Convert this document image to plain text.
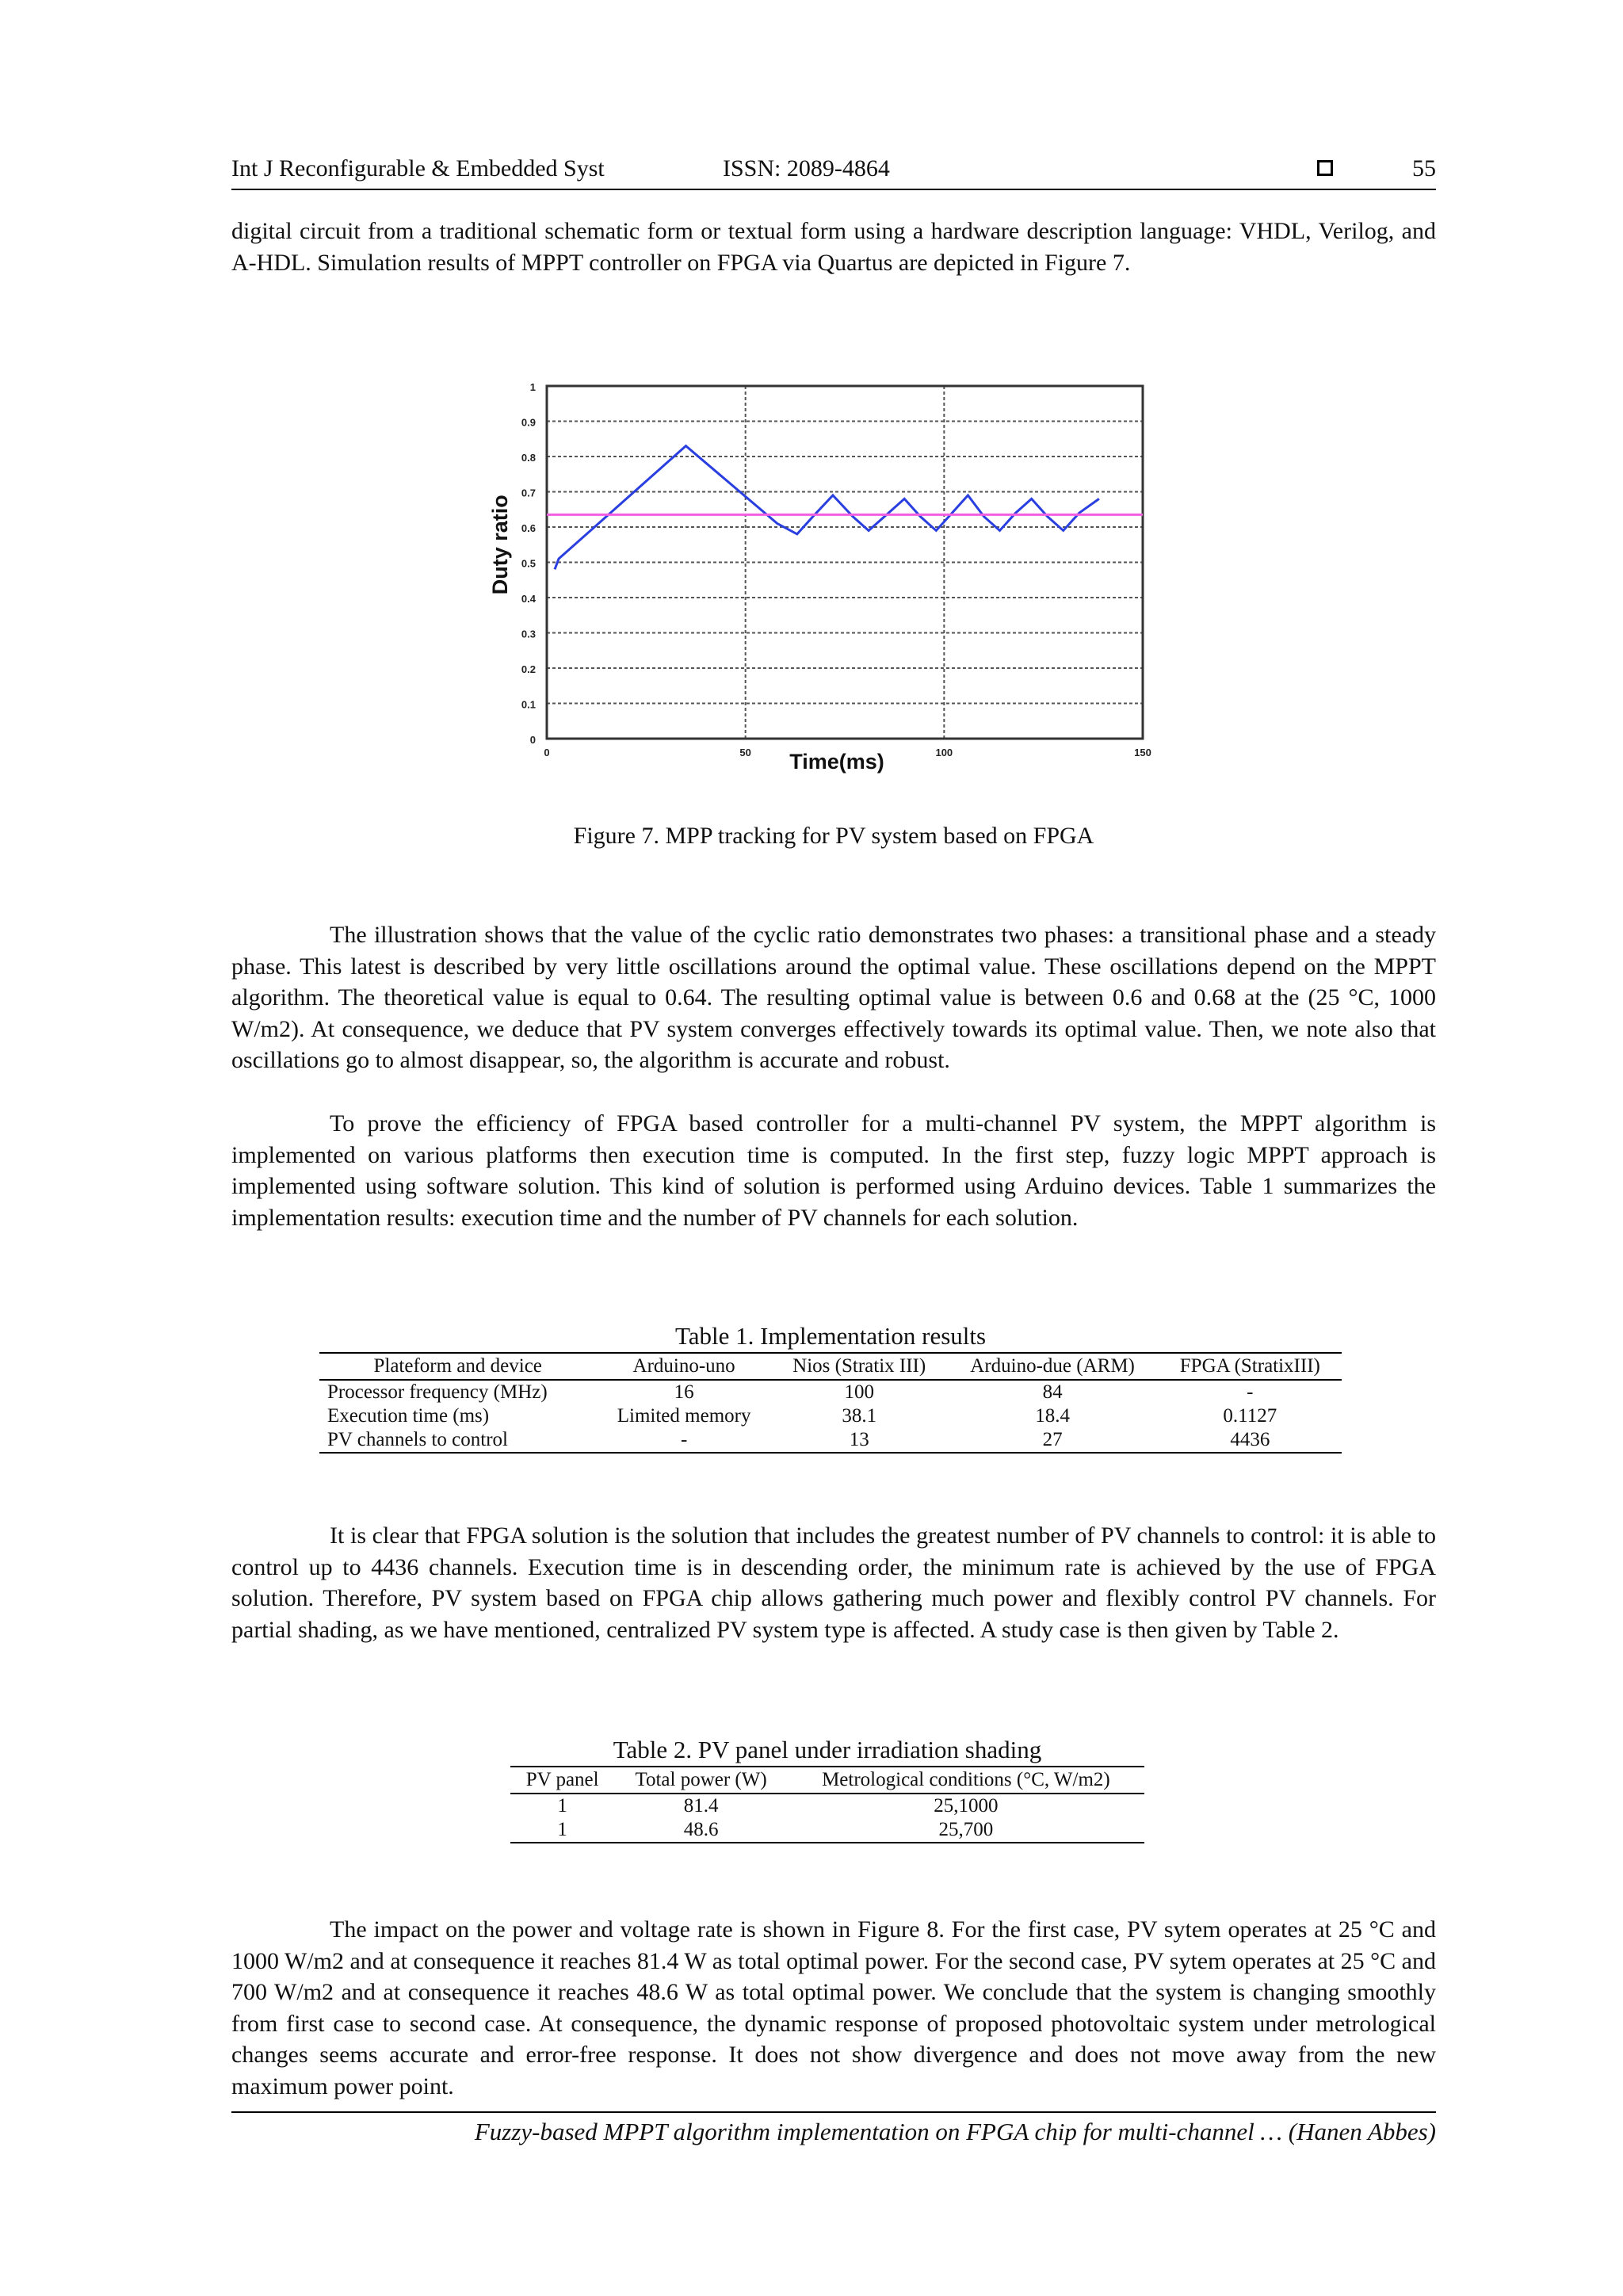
Int J Reconfigurable & Embedded Syst	ISSN: 2089-4864	55

digital circuit from a traditional schematic form or textual form using a hardware description language: VHDL, Verilog, and A-HDL. Simulation results of MPPT controller on FPGA via Quartus are depicted in Figure 7.

0
0.1
0.2
0.3
0.4
0.5
0.6
0.7
0.8
0.9
1
0	50	100	150
Time(ms)
Duty ratio
Figure 7. MPP tracking for PV system based on FPGA

The illustration shows that the value of the cyclic ratio demonstrates two phases: a transitional phase and a steady phase. This latest is described by very little oscillations around the optimal value. These oscillations depend on the MPPT algorithm. The theoretical value is equal to 0.64. The resulting optimal value is between 0.6 and 0.68 at the (25 °C, 1000 W/m2). At consequence, we deduce that PV system converges effectively towards its optimal value. Then, we note also that oscillations go to almost disappear, so, the algorithm is accurate and robust.

To prove the efficiency of FPGA based controller for a multi-channel PV system, the MPPT algorithm is implemented on various platforms then execution time is computed. In the first step, fuzzy logic MPPT approach is implemented using software solution. This kind of solution is performed using Arduino devices. Table 1 summarizes the implementation results: execution time and the number of PV channels for each solution.

Table 1. Implementation results
Plateform and device	Arduino-uno	Nios (Stratix III)	Arduino-due (ARM)	FPGA (StratixIII)
Processor frequency (MHz)	16	100	84	-
Execution time (ms)	Limited memory	38.1	18.4	0.1127
PV channels to control	-	13	27	4436

It is clear that FPGA solution is the solution that includes the greatest number of PV channels to control: it is able to control up to 4436 channels. Execution time is in descending order, the minimum rate is achieved by the use of FPGA solution. Therefore, PV system based on FPGA chip allows gathering much power and flexibly control PV channels. For partial shading, as we have mentioned, centralized PV system type is affected. A study case is then given by Table 2.

Table 2. PV panel under irradiation shading
PV panel	Total power (W)	Metrological conditions (°C, W/m2)
1	81.4	25,1000
1	48.6	25,700

The impact on the power and voltage rate is shown in Figure 8. For the first case, PV sytem operates at 25 °C and 1000 W/m2 and at consequence it reaches 81.4 W as total optimal power. For the second case, PV sytem operates at 25 °C and 700 W/m2 and at consequence it reaches 48.6 W as total optimal power. We conclude that the system is changing smoothly from first case to second case. At consequence, the dynamic response of proposed photovoltaic system under metrological changes seems accurate and error-free response. It does not show divergence and does not move away from the new maximum power point.

Fuzzy-based MPPT algorithm implementation on FPGA chip for multi-channel … (Hanen Abbes)
